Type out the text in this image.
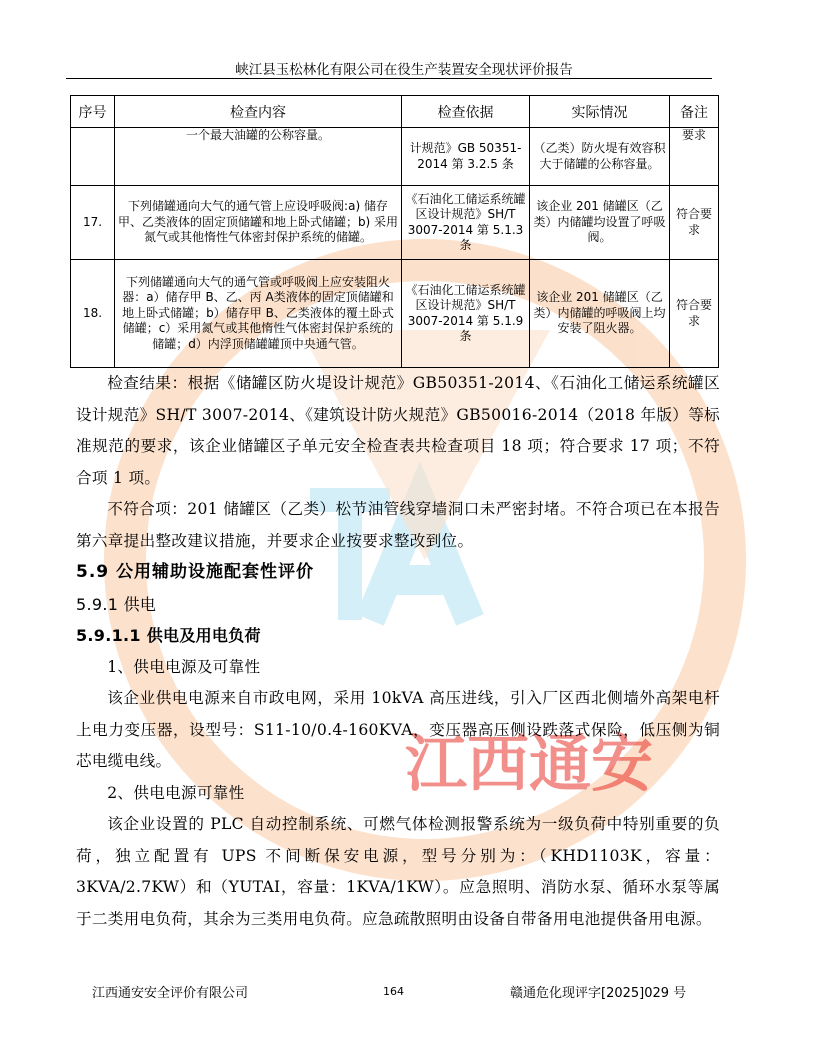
江西通安
峡江县玉松林化有限公司在役生产装置安全现状评价报告
序号	检查内容	检查依据	实际情况	备注
	一个最大油罐的公称容量。	计规范》GB 50351-2014 第 3.2.5 条	（乙类）防火堤有效容积大于储罐的公称容量。	要求
17.	下列储罐通向大气的通气管上应设呼吸阀:a) 储存甲、乙类液体的固定顶储罐和地上卧式储罐；b) 采用氮气或其他惰性气体密封保护系统的储罐。	《石油化工储运系统罐区设计规范》SH/T 3007-2014 第 5.1.3 条	该企业 201 储罐区（乙类）内储罐均设置了呼吸阀。	符合要求
18.	下列储罐通向大气的通气管或呼吸阀上应安装阻火器：a）储存甲 B、乙、丙 A类液体的固定顶储罐和地上卧式储罐；b）储存甲 B、乙类液体的覆土卧式储罐；c）采用氮气或其他惰性气体密封保护系统的储罐；d）内浮顶储罐罐顶中央通气管。	《石油化工储运系统罐区设计规范》SH/T 3007-2014 第 5.1.9 条	该企业 201 储罐区（乙类）内储罐的呼吸阀上均安装了阻火器。	符合要求

检查结果：根据《储罐区防火堤设计规范》GB50351-2014、《石油化工储运系统罐区设计规范》SH/T 3007-2014、《建筑设计防火规范》GB50016-2014（2018 年版）等标准规范的要求，该企业储罐区子单元安全检查表共检查项目 18 项；符合要求 17 项；不符合项 1 项。

不符合项：201 储罐区（乙类）松节油管线穿墙洞口未严密封堵。不符合项已在本报告第六章提出整改建议措施，并要求企业按要求整改到位。

5.9 公用辅助设施配套性评价
5.9.1 供电
5.9.1.1 供电及用电负荷

1、供电电源及可靠性

该企业供电电源来自市政电网，采用 10kVA 高压进线，引入厂区西北侧墙外高架电杆上电力变压器，设型号：S11-10/0.4-160KVA，变压器高压侧设跌落式保险，低压侧为铜芯电缆电线。

2、供电电源可靠性

该企业设置的 PLC 自动控制系统、可燃气体检测报警系统为一级负荷中特别重要的负荷，独立配置有 UPS 不间断保安电源，型号分别为：（KHD1103K，容量：3KVA/2.7KW）和（YUTAI，容量：1KVA/1KW）。应急照明、消防水泵、循环水泵等属于二类用电负荷，其余为三类用电负荷。应急疏散照明由设备自带备用电池提供备用电源。

江西通安安全评价有限公司	164	赣通危化现评字[2025]029 号
